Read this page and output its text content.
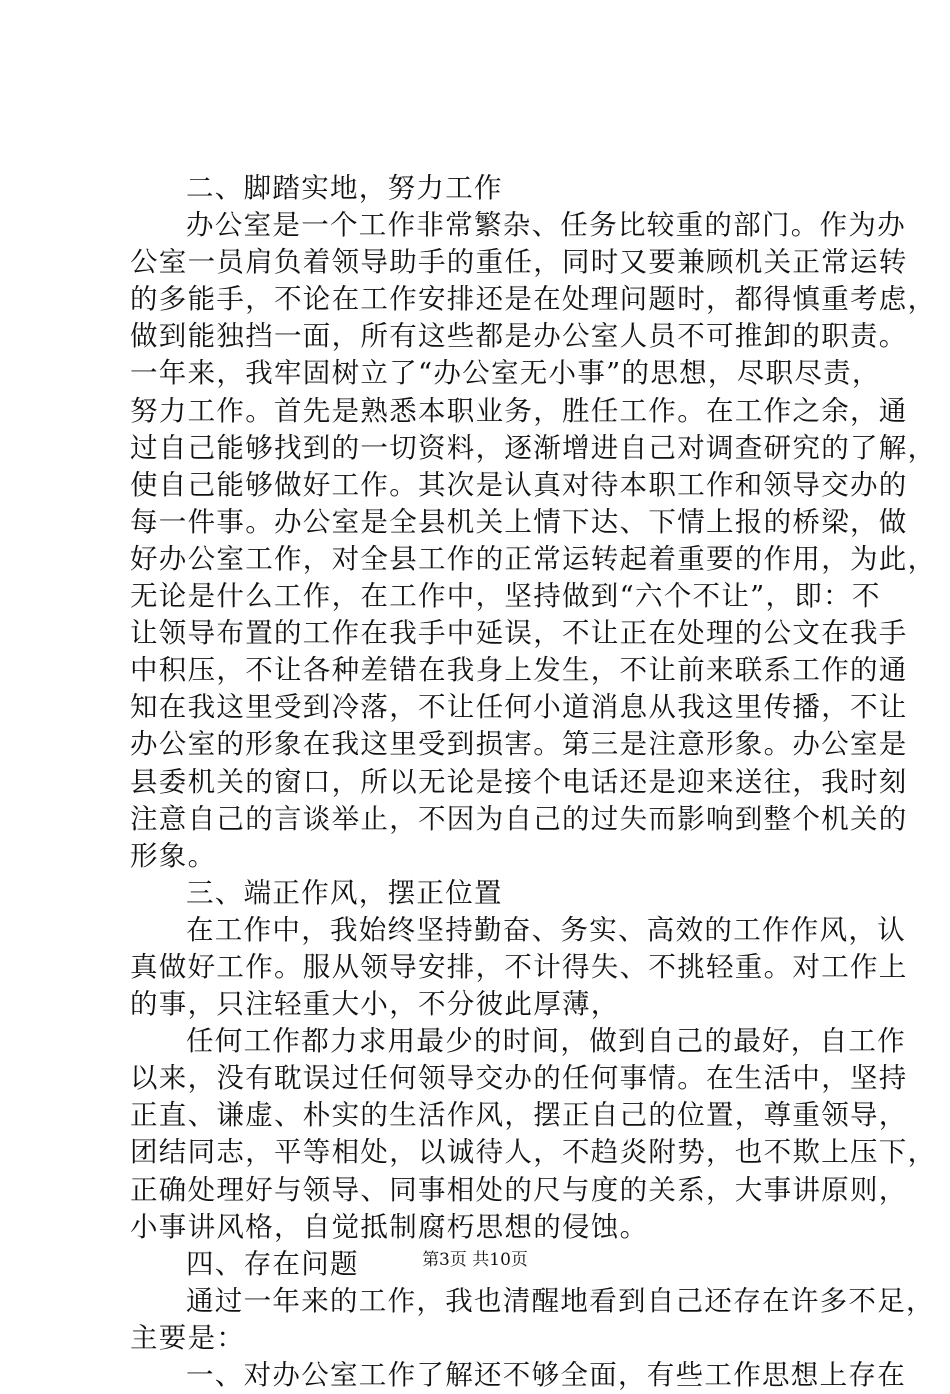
二、脚踏实地，努力工作
办公室是一个工作非常繁杂、任务比较重的部门。作为办
公室一员肩负着领导助手的重任，同时又要兼顾机关正常运转
的多能手，不论在工作安排还是在处理问题时，都得慎重考虑，
做到能独挡一面，所有这些都是办公室人员不可推卸的职责。
一年来，我牢固树立了“办公室无小事”的思想，尽职尽责，
努力工作。首先是熟悉本职业务，胜任工作。在工作之余，通
过自己能够找到的一切资料，逐渐增进自己对调查研究的了解，
使自己能够做好工作。其次是认真对待本职工作和领导交办的
每一件事。办公室是全县机关上情下达、下情上报的桥梁，做
好办公室工作，对全县工作的正常运转起着重要的作用，为此，
无论是什么工作，在工作中，坚持做到“六个不让”，即：不
让领导布置的工作在我手中延误，不让正在处理的公文在我手
中积压，不让各种差错在我身上发生，不让前来联系工作的通
知在我这里受到冷落，不让任何小道消息从我这里传播，不让
办公室的形象在我这里受到损害。第三是注意形象。办公室是
县委机关的窗口，所以无论是接个电话还是迎来送往，我时刻
注意自己的言谈举止，不因为自己的过失而影响到整个机关的
形象。
三、端正作风，摆正位置
在工作中，我始终坚持勤奋、务实、高效的工作作风，认
真做好工作。服从领导安排，不计得失、不挑轻重。对工作上
的事，只注轻重大小，不分彼此厚薄，
任何工作都力求用最少的时间，做到自己的最好，自工作
以来，没有耽误过任何领导交办的任何事情。在生活中，坚持
正直、谦虚、朴实的生活作风，摆正自己的位置，尊重领导，
团结同志，平等相处，以诚待人，不趋炎附势，也不欺上压下，
正确处理好与领导、同事相处的尺与度的关系，大事讲原则，
小事讲风格，自觉抵制腐朽思想的侵蚀。
四、存在问题
通过一年来的工作，我也清醒地看到自己还存在许多不足，
主要是：
一、对办公室工作了解还不够全面，有些工作思想上存在
第3页 共10页
